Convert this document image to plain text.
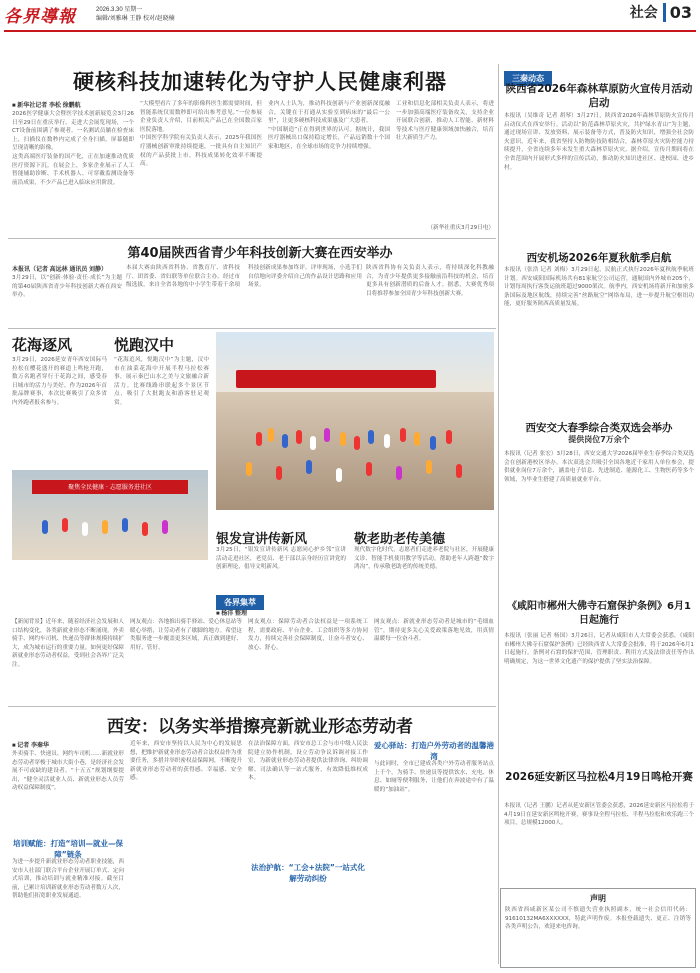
各界導報	2026.3.30 星期一
编辑/刘雅琳 王静 校对/赵晓楠	社会 03
硬核科技加速转化为守护人民健康利器
■ 新华社记者 李松 徐鹏航

2026医学健康大会暨医学技术创新展览会3月26日至29日在重庆举行。走进大会展览现场，一个CT设备前围满了参观者。一名测试员躺在检查床上，扫描仪在数秒内完成了全身扫描，屏幕随即呈现清晰的影像。

这类高端医疗装备的国产化，正在加速推动优质医疗资源下沉。在展会上，多家企业展示了人工智能辅助诊断、手术机器人、可穿戴监测设备等前沿成果，不少产品已进入临床应用阶段。

“大模型看片了多年的影像科医生都需要时间，但智能系统仅需数秒即可给出参考意见。”一位参展企业负责人介绍，目前相关产品已在全国数百家医院落地。

中国医学科学院有关负责人表示，2025年我国医疗器械创新审批持续提速，一批具有自主知识产权的产品获批上市，科技成果转化效率不断提高。

业内人士认为，推动科技创新与产业创新深度融合，关键在于打通从实验室到病床的“最后一公里”，让更多硬核科技成果惠及广大患者。

“中国制造”正在得到世界的认可。据统计，我国医疗器械出口保持稳定增长，产品远销数十个国家和地区，在全球市场的竞争力持续增强。

工业和信息化部相关负责人表示，将进一步加强高端医疗装备攻关，支持企业开展联合创新，推动人工智能、新材料等技术与医疗健康领域加快融合，培育壮大新质生产力。

（新华社重庆3月29日电）
三秦动态
陕西省2026年森林草原防火宣传月活动启动
本报讯（吴维奇 记者 胡琴）3月27日，陕西省2026年森林草原防火宣传月启动仪式在西安举行。活动以“防范森林草原火灾，共护绿水青山”为主题，通过现场宣讲、发放资料、展示装备等方式，普及防火知识，增强全社会防火意识。近年来，我省坚持人防物防技防相结合，森林草原火灾防控能力持续提升，全省连续多年未发生重大森林草原火灾。据介绍，宣传月期间将在全省范围内开展形式多样的宣传活动，推动防火知识进社区、进校园、进乡村。
西安机场2026年夏秋航季启航
本报讯（张浩 记者 刘梅）3月29日起，民航正式执行2026年夏秋航季航班计划。西安咸阳国际机场共有81家航空公司运营，通航国内外城市205个，计划每周执行客货运航班超过9000架次。航季内，西安机场将新开和加密多条国际及地区航线，持续完善“丝路航空”网络布局，进一步提升航空枢纽功能，更好服务陕西高质量发展。
西安交大春季综合类双选会举办
提供岗位7万余个
本报讯（记者 张宏）3月28日，西安交通大学2026届毕业生春季综合类双选会在创新港校区举办。本次双选会共吸引全国各地近千家用人单位参会，提供就业岗位7万余个，涵盖电子信息、先进制造、能源化工、生物医药等多个领域，为毕业生搭建了高质量就业平台。
《咸阳市郴州大佛寺石窟保护条例》6月1日起施行
本报讯（张丽 记者 杨国）3月26日，记者从咸阳市人大常委会获悉，《咸阳市郴州大佛寺石窟保护条例》已经陕西省人大常委会批准，将于2026年6月1日起施行。条例对石窟的保护范围、管理职责、利用方式及法律责任等作出明确规定，为这一世界文化遗产的保护提供了坚实法治保障。
2026延安新区马拉松4月19日鸣枪开赛
本报讯（记者 王鹏）记者从延安新区管委会获悉，2026延安新区马拉松将于4月19日在延安新区鸣枪开赛，赛事设全程马拉松、半程马拉松和欢乐跑三个项目，总规模12000人。
声明
陕西省西咸新区某公司不慎遗失营业执照副本，统一社会信用代码：91610132MA6XXXXXX，特此声明作废。本报登载遗失、更正、注销等各类声明公告，欢迎来电咨询。
第40届陕西省青少年科技创新大赛在西安举办
本报讯（记者 高远林 通讯员 刘静）
3月29日，以“创新·体验·责任·成长”为主题的第40届陕西省青少年科技创新大赛在西安举办。
本届大赛由陕西省科协、省教育厅、省科技厅、团省委、省妇联等单位联合主办。经过市级选拔，来自全省各地的中小学生带着千余项科技创新成果参加终评。评审现场，小选手们自信地向评委介绍自己的作品设计思路和应用场景。
陕西省科协有关负责人表示，将持续深化科教融合，为青少年提供更多接触前沿科技的机会，培育更多具有创新潜质的后备人才。据悉，大赛优秀项目将推荐参加全国青少年科技创新大赛。
花海逐风
3月29日，2026延安青年西安国际马拉松在樱花盛开的赛道上鸣枪开跑，数万名跑者穿行于花海之间，感受春日城市的活力与美好。作为2026年首批品牌赛事，本次比赛吸引了众多省内外跑者报名参与。
悦跑汉中
“花海追风，悦跑汉中”为主题，汉中市在油菜花海中开展半程马拉松赛事，展示秦巴山水之美与文旅融合新活力。比赛线路串联起多个景区节点，吸引了大批跑友和游客驻足观赏。
聚焦全民健康 · 志愿服务进社区
银发宣讲传新风
3月25日，“银发宣讲传新风 志愿同心护乡邻”宣讲活动走进社区，老党员、老干部以亲身经历宣讲党的创新理论，倡导文明新风。
敬老助老传美德
现代数字化时代，志愿者们走进养老院与社区，开展健康义诊、智能手机使用教学等活动，帮助老年人跨越“数字鸿沟”，传承敬老助老的传统美德。
各界集萃
■ 杨洋 整理
【新闻背景】近年来，随着经济社会发展和人口结构变化，各类新就业形态不断涌现。外卖骑手、网约车司机、快递员等群体规模持续扩大，成为城市运行的重要力量。如何更好保障新就业形态劳动者权益，受到社会各界广泛关注。
网友观点：各地推出骑手驿站、爱心休息站等暖心举措，让劳动者有了歇脚的地方。希望这类服务进一步覆盖更多区域，真正做到建好、用好、管好。
网友观点：保障劳动者合法权益是一项系统工程，需要政府、平台企业、工会组织等多方协同发力，持续完善社会保障制度，让奋斗者安心、放心、舒心。
网友观点：新就业形态劳动者是城市的“毛细血管”，期待更多关心关爱政策落地见效，用真情温暖每一位奋斗者。
西安：以务实举措擦亮新就业形态劳动者
■ 记者 李秦华

外卖骑手、快递员、网约车司机……新就业形态劳动者穿梭于城市大街小巷，是经济社会发展不可或缺的建设者。“十五五”规划纲要提出，“健全灵活就业人员、新就业形态人员劳动权益保障制度”。

培训赋能：打造“培训—就业—保障”链条
为进一步提升新就业形态劳动者职业技能，西安市人社部门联合平台企业开展订单式、定向式培训，推动培训与就业精准对接。截至目前，已累计培训新就业形态劳动者数万人次，帮助他们拓宽职业发展通道。
近年来，西安市坚持以人民为中心的发展思想，把维护新就业形态劳动者合法权益作为重要任务，多措并举织密权益保障网，不断提升新就业形态劳动者的获得感、幸福感、安全感。
在法治保障方面，西安市总工会与市中级人民法院建立协作机制，设立劳动争议诉调对接工作室，为新就业形态劳动者提供法律咨询、纠纷调解、司法确认等一站式服务，有效降低维权成本。
法治护航：“工会+法院”一站式化解劳动纠纷
爱心驿站：打造户外劳动者的温馨港湾
与此同时，全市已建成各类户外劳动者服务站点上千个，为骑手、快递员等提供饮水、充电、休息、如厕等便利服务，让他们在奔波途中有了温暖的“加油站”。
